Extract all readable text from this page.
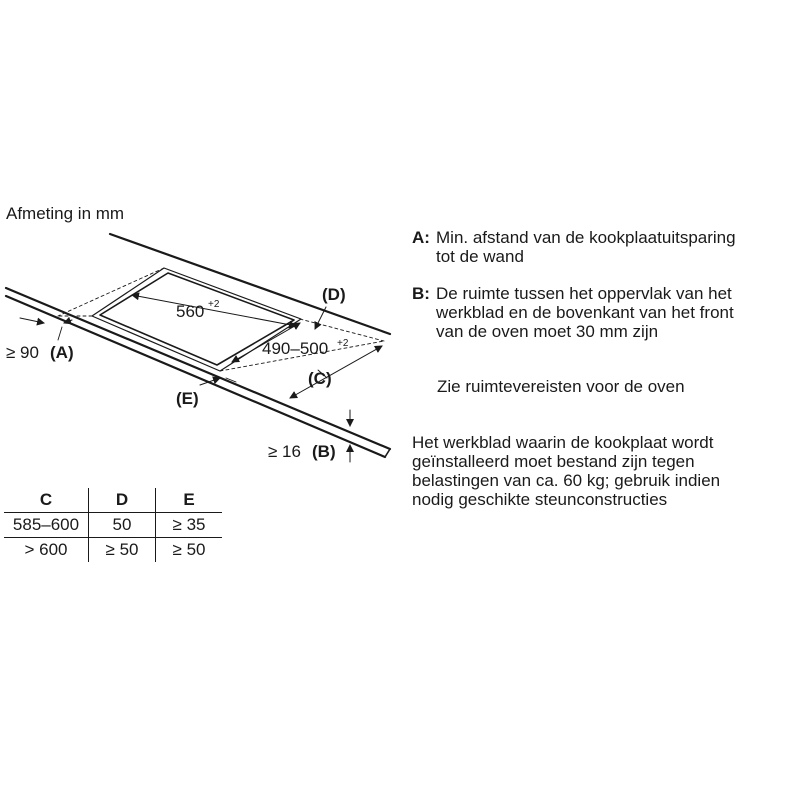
Afmeting in mm
560 +2
490–500 +2
≥ 90 (A)
≥ 16 (B)
(C)
(D)
(E)
A: Min. afstand van de kookplaatuitsparing
tot de wand
B: De ruimte tussen het oppervlak van het
werkblad en de bovenkant van het front
van de oven moet 30 mm zijn
Zie ruimtevereisten voor de oven
Het werkblad waarin de kookplaat wordt
geïnstalleerd moet bestand zijn tegen
belastingen van ca. 60 kg; gebruik indien
nodig geschikte steunconstructies
C	D	E
585–600	50	≥ 35
> 600	≥ 50	≥ 50
